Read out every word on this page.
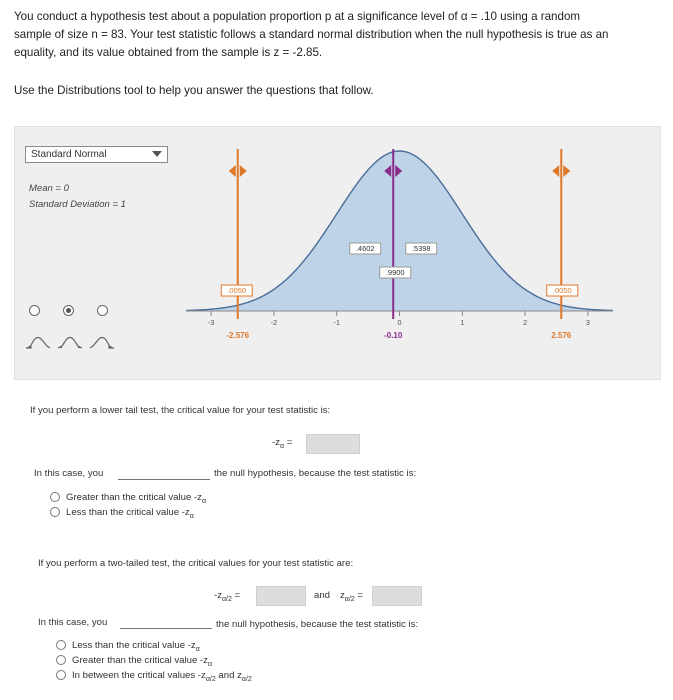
You conduct a hypothesis test about a population proportion p at a significance level of α = .10 using a random
sample of size n = 83. Your test statistic follows a standard normal distribution when the null hypothesis is true as an
equality, and its value obtained from the sample is z = -2.85.
Use the Distributions tool to help you answer the questions that follow.
Standard Normal
Mean = 0
Standard Deviation = 1
-3	-2	-1	0	1	2	3
-2.576	-0.10	2.576
.0050	.0050
.4602	.5398
.9900
If you perform a lower tail test, the critical value for your test statistic is:
$-z_\alpha$ =
In this case, you	the null hypothesis, because the test statistic is:
Greater than the critical value $-z_\alpha$
Less than the critical value $-z_\alpha$
If you perform a two-tailed test, the critical values for your test statistic are:
$-z_{\alpha/2}$ =	and $z_{\alpha/2}$ =
In this case, you	the null hypothesis, because the test statistic is:
Less than the critical value $-z_\alpha$
Greater than the critical value $-z_\alpha$
In between the critical values $-z_{\alpha/2}$ and $z_{\alpha/2}$
